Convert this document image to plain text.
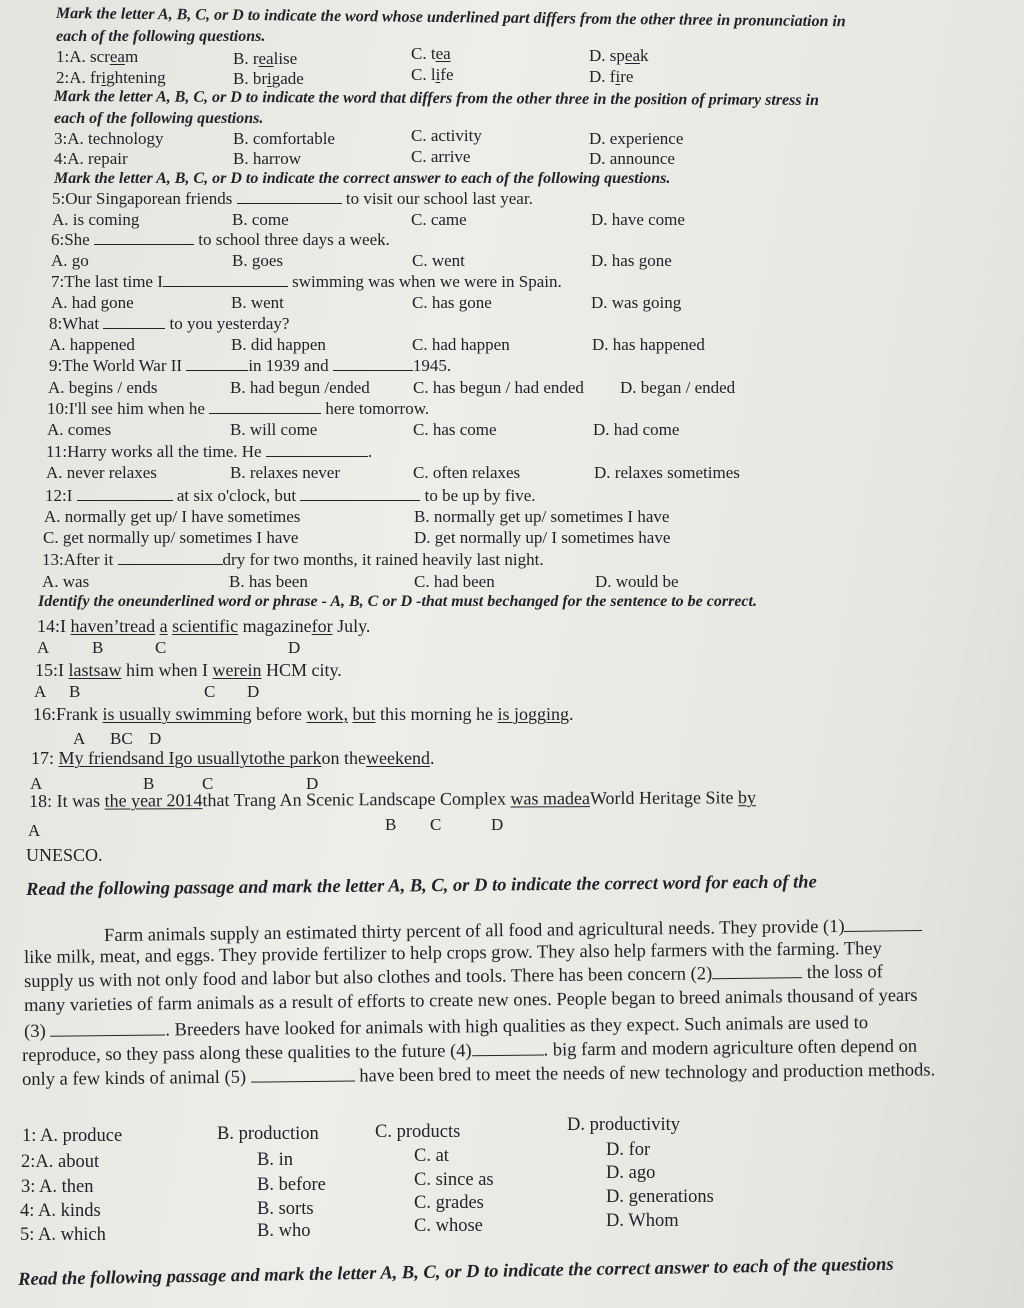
Mark the letter A, B, C, or D to indicate the word whose underlined part differs from the other three in pronunciation in
each of the following questions.
1:A. scream	B. realise	C. tea	D. speak
2:A. frightening	B. brigade	C. life	D. fire
Mark the letter A, B, C, or D to indicate the word that differs from the other three in the position of primary stress in
each of the following questions.
3:A. technology	B. comfortable	C. activity	D. experience
4:A. repair	B. harrow	C. arrive	D. announce
Mark the letter A, B, C, or D to indicate the correct answer to each of the following questions.
5:Our Singaporean friends	to visit our school last year.
A. is coming	B. come	C. came	D. have come
6:She	to school three days a week.
A. go	B. goes	C. went	D. has gone
7:The last time I	swimming was when we were in Spain.
A. had gone	B. went	C. has gone	D. was going
8:What	to you yesterday?
A. happened	B. did happen	C. had happen	D. has happened
9:The World War II	in 1939 and	1945.
A. begins / ends	B. had begun /ended	C. has begun / had ended D. began / ended
10:I'll see him when he	here tomorrow.
A. comes	B. will come	C. has come	D. had come
11:Harry works all the time. He	.
A. never relaxes	B. relaxes never	C. often relaxes	D. relaxes sometimes
12:I	at six o'clock, but	to be up by five.
A. normally get up/ I have sometimes	B. normally get up/ sometimes I have
C. get normally up/ sometimes I have	D. get normally up/ I sometimes have
13:After it	dry for two months, it rained heavily last night.
A. was	B. has been	C. had been	D. would be
Identify the oneunderlined word or phrase - A, B, C or D -that must bechanged for the sentence to be correct.
14:I haven’tread a scientific magazinefor July.
A	B	C	D
15:I lastsaw him when I werein HCM city.
A B	C D
16:Frank is usually swimming before work, but this morning he is jogging.
A BC D
17: My friendsand Igo usuallytothe parkon theweekend.
A	B	C	D
18: It was the year 2014that Trang An Scenic Landscape Complex was madeaWorld Heritage Site by
A	B C	D
UNESCO.
Read the following passage and mark the letter A, B, C, or D to indicate the correct word for each of the
Farm animals supply an estimated thirty percent of all food and agricultural needs. They provide (1)
like milk, meat, and eggs. They provide fertilizer to help crops grow. They also help farmers with the farming. They
supply us with not only food and labor but also clothes and tools. There has been concern (2)	the loss of
many varieties of farm animals as a result of efforts to create new ones. People began to breed animals thousand of years
(3)	. Breeders have looked for animals with high qualities as they expect. Such animals are used to
reproduce, so they pass along these qualities to the future (4)	. big farm and modern agriculture often depend on
only a few kinds of animal (5)	have been bred to meet the needs of new technology and production methods.
1: A. produce	B. production	C. products	D. productivity
2:A. about	B. in	C. at	D. for
3: A. then	B. before	C. since as	D. ago
4: A. kinds	B. sorts	C. grades	D. generations
5: A. which	B. who	C. whose	D. Whom
Read the following passage and mark the letter A, B, C, or D to indicate the correct answer to each of the questions
